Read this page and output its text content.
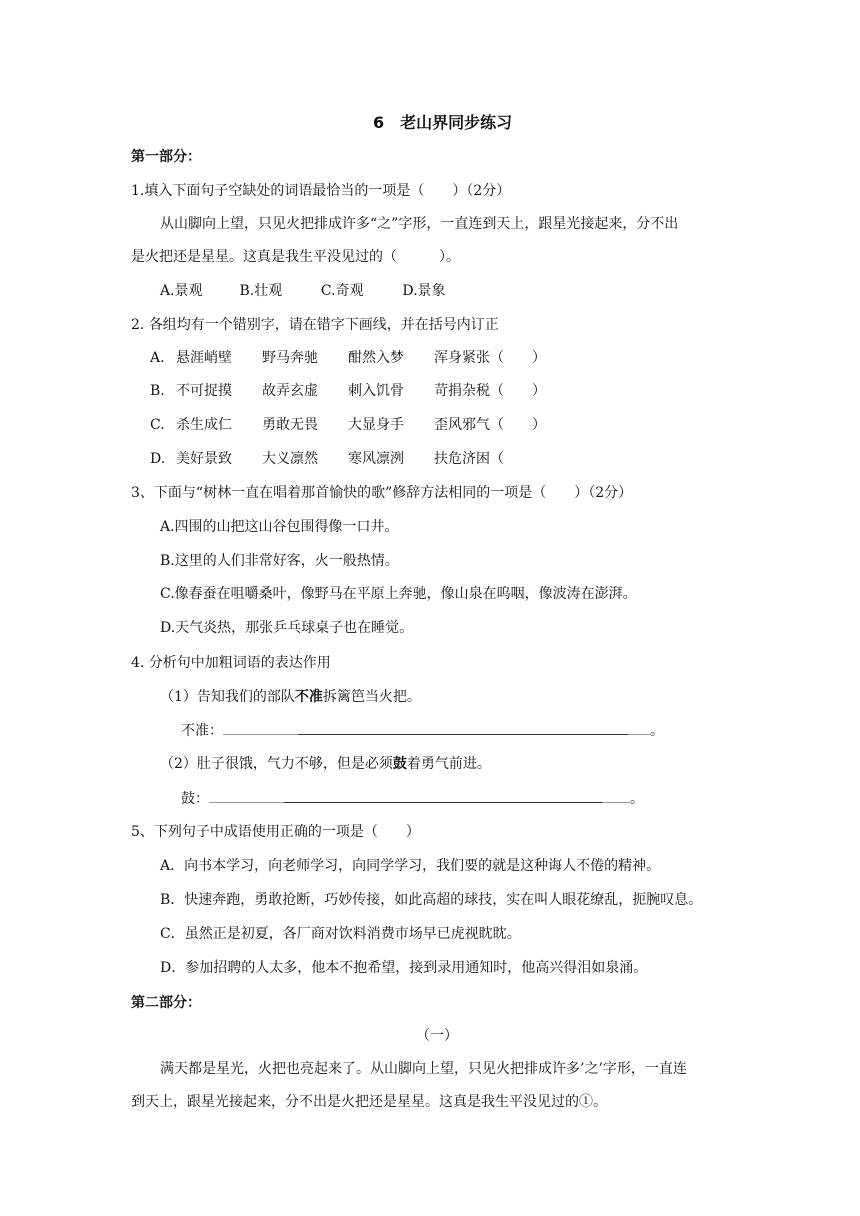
6　老山界同步练习
第一部分：
1.填入下面句子空缺处的词语最恰当的一项是（　　）（2分）
从山脚向上望，只见火把排成许多“之”字形，一直连到天上，跟星光接起来，分不出
是火把还是星星。这真是我生平没见过的（　　　）。
A.景观	B.壮观	C.奇观	D.景象
2. 各组均有一个错别字，请在错字下画线，并在括号内订正
A. 悬涯峭壁 野马奔驰 酣然入梦 浑身紧张（　　）
B. 不可捉摸 故弄玄虚 刺入饥骨 苛捐杂税（　　）
C. 杀生成仁 勇敢无畏 大显身手 歪风邪气（　　）
D. 美好景致 大义凛然 寒风凛洌 扶危济困（
3、下面与“树林一直在唱着那首愉快的歌”修辞方法相同的一项是（　　）（2分）
A.四围的山把这山谷包围得像一口井。
B.这里的人们非常好客，火一般热情。
C.像春蚕在咀嚼桑叶，像野马在平原上奔驰，像山泉在呜咽，像波涛在澎湃。
D.天气炎热，那张乒乓球桌子也在睡觉。
4. 分析句中加粗词语的表达作用
（1）告知我们的部队不准拆篱笆当火把。
不准：	。
（2）肚子很饿，气力不够，但是必须鼓着勇气前进。
鼓：	。
5、下列句子中成语使用正确的一项是（　　）
A．向书本学习，向老师学习，向同学学习，我们要的就是这种诲人不倦的精神。
B．快速奔跑，勇敢抢断，巧妙传接，如此高超的球技，实在叫人眼花缭乱，扼腕叹息。
C．虽然正是初夏，各厂商对饮料消费市场早已虎视眈眈。
D．参加招聘的人太多，他本不抱希望，接到录用通知时，他高兴得泪如泉涌。
第二部分：
（一）
满天都是星光，火把也亮起来了。从山脚向上望，只见火把排成许多’之’字形，一直连
到天上，跟星光接起来，分不出是火把还是星星。这真是我生平没见过的①。
